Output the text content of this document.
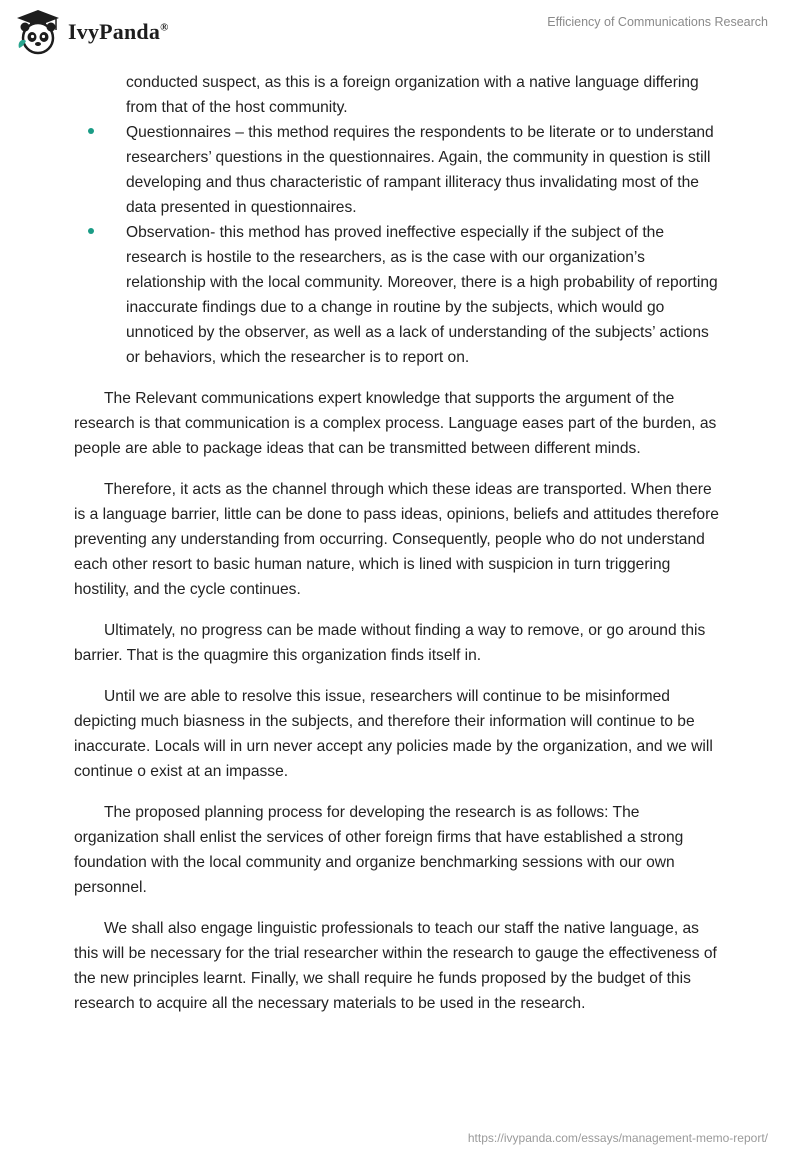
IvyPanda®	Efficiency of Communications Research
conducted suspect, as this is a foreign organization with a native language differing from that of the host community.
Questionnaires – this method requires the respondents to be literate or to understand researchers’ questions in the questionnaires. Again, the community in question is still developing and thus characteristic of rampant illiteracy thus invalidating most of the data presented in questionnaires.
Observation- this method has proved ineffective especially if the subject of the research is hostile to the researchers, as is the case with our organization’s relationship with the local community. Moreover, there is a high probability of reporting inaccurate findings due to a change in routine by the subjects, which would go unnoticed by the observer, as well as a lack of understanding of the subjects’ actions or behaviors, which the researcher is to report on.

The Relevant communications expert knowledge that supports the argument of the research is that communication is a complex process. Language eases part of the burden, as people are able to package ideas that can be transmitted between different minds.

Therefore, it acts as the channel through which these ideas are transported. When there is a language barrier, little can be done to pass ideas, opinions, beliefs and attitudes therefore preventing any understanding from occurring. Consequently, people who do not understand each other resort to basic human nature, which is lined with suspicion in turn triggering hostility, and the cycle continues.

Ultimately, no progress can be made without finding a way to remove, or go around this barrier. That is the quagmire this organization finds itself in.

Until we are able to resolve this issue, researchers will continue to be misinformed depicting much biasness in the subjects, and therefore their information will continue to be inaccurate. Locals will in urn never accept any policies made by the organization, and we will continue o exist at an impasse.

The proposed planning process for developing the research is as follows: The organization shall enlist the services of other foreign firms that have established a strong foundation with the local community and organize benchmarking sessions with our own personnel.

We shall also engage linguistic professionals to teach our staff the native language, as this will be necessary for the trial researcher within the research to gauge the effectiveness of the new principles learnt. Finally, we shall require he funds proposed by the budget of this research to acquire all the necessary materials to be used in the research.

https://ivypanda.com/essays/management-memo-report/
